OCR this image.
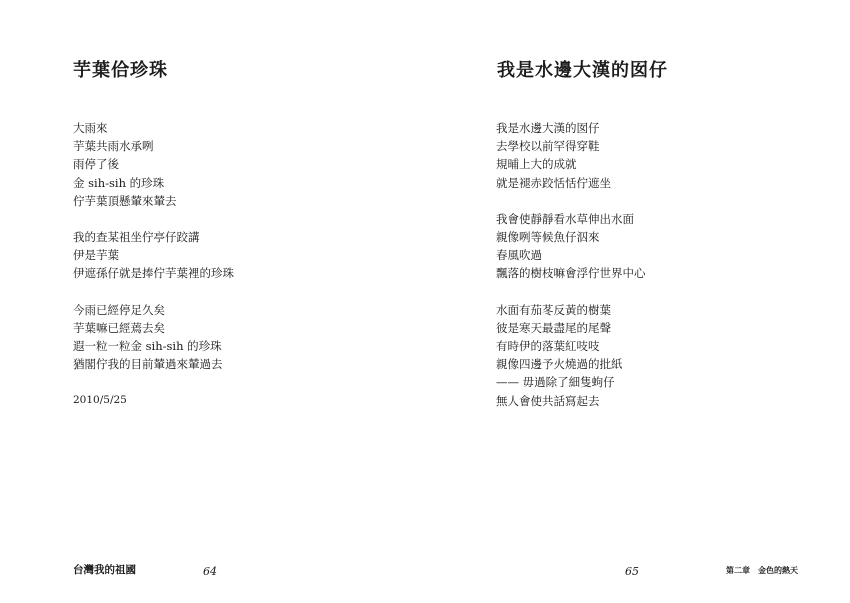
芋葉佮珍珠
大雨來
芋葉共雨水承咧
雨停了後
金 sih-sih 的珍珠
佇芋葉頂懸輦來輦去
我的查某祖坐佇亭仔跤講
伊是芋葉
伊遮孫仔就是捧佇芋葉裡的珍珠
今雨已經停足久矣
芋葉嘛已經蔫去矣
遐一粒一粒金 sih-sih 的珍珠
猶閣佇我的目前輦過來輦過去
2010/5/25
台灣我的祖國	64
我是水邊大漢的囡仔
我是水邊大漢的囡仔
去學校以前罕得穿鞋
規晡上大的成就
就是褪赤跤恬恬佇遮坐
我會使靜靜看水草伸出水面
親像咧等候魚仔泅來
春風吹過
飄落的樹枝嘛會浮佇世界中心
水面有茄苳反黃的樹葉
彼是寒天最盡尾的尾聲
有時伊的落葉紅吱吱
親像四邊予火燒過的批紙
—— 毋過除了細隻蚼仔
無人會使共話寫起去
65	第二章　金色的熱天
